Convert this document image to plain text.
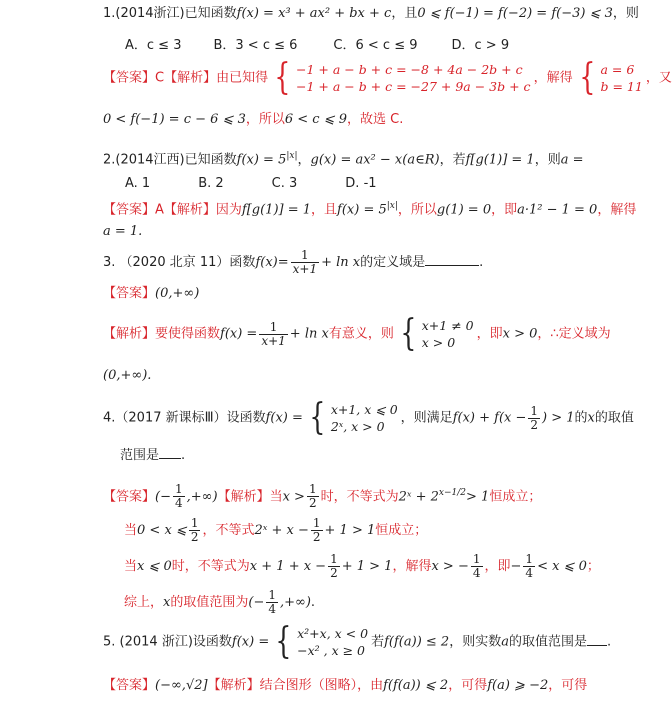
1.(2014浙江)已知函数f(x) = x³ + ax² + bx + c，且0 ⩽ f(−1) = f(−2) = f(−3) ⩽ 3，则
A．c ≤ 3 B．3 < c ≤ 6	C．6 < c ≤ 9	D．c > 9
【答案】C【解析】由已知得 { −1 + a − b + c = −8 + 4a − 2b + c
−1 + a − b + c = −27 + 9a − 3b + c
，解得 { a = 6
b = 11
，又
0 < f(−1) = c − 6 ⩽ 3，所以6 < c ⩽ 9，故选 C.
2.(2014江西)已知函数$f(x) = 5^{|x|}$，g(x) = ax² − x(a∈R)，若f[g(1)] = 1，则a =
A. 1	B. 2	C. 3	D. -1
【答案】A【解析】因为f[g(1)] = 1，且$f(x) = 5^{|x|}$，所以g(1) = 0，即a·1² − 1 = 0，解得
a = 1.
3. （2020 北京 11）函数$f(x)= \frac{1}{x+1} + \ln x$的定义域是	.
【答案】(0,+∞)
【解析】要使得函数$f(x) = \frac{1}{x+1} + \ln x$有意义，则 { x+1 ≠ 0
x > 0
，即x > 0，∴定义域为
(0,+∞).
4.（2017 新课标Ⅲ）设函数f(x) = { x+1, x ⩽ 0
2ˣ, x > 0
，则满足$f(x) + f(x - \frac{1}{2}$ ) > 1的x的取值
范围是 .
【答案】(− $\frac{1}{4}$ ,+∞)【解析】当$x > \frac{1}{2}$ 时，不等式为2ˣ + $2^{x-1/2}> 1$恒成立；
当0 < x ⩽ $\frac{1}{2}$ ，不等式2ˣ + $x - \frac{1}{2} + 1 > 1$恒成立；
当x ⩽ 0时，不等式为$x + 1 + x - \frac{1}{2} + 1 > 1$，解得x > − $\frac{1}{4}$ ，即− $\frac{1}{4} < x$ ⩽ 0；
综上，x的取值范围为(− $\frac{1}{4}$ ,+∞).
5. (2014 浙江)设函数f(x) = { x²+x, x < 0
−x² , x ≥ 0
若f(f(a)) ≤ 2，则实数a的取值范围是 .
【答案】(−∞,√2]【解析】结合图形（图略），由f(f(a)) ⩽ 2，可得f(a) ⩾ −2，可得
